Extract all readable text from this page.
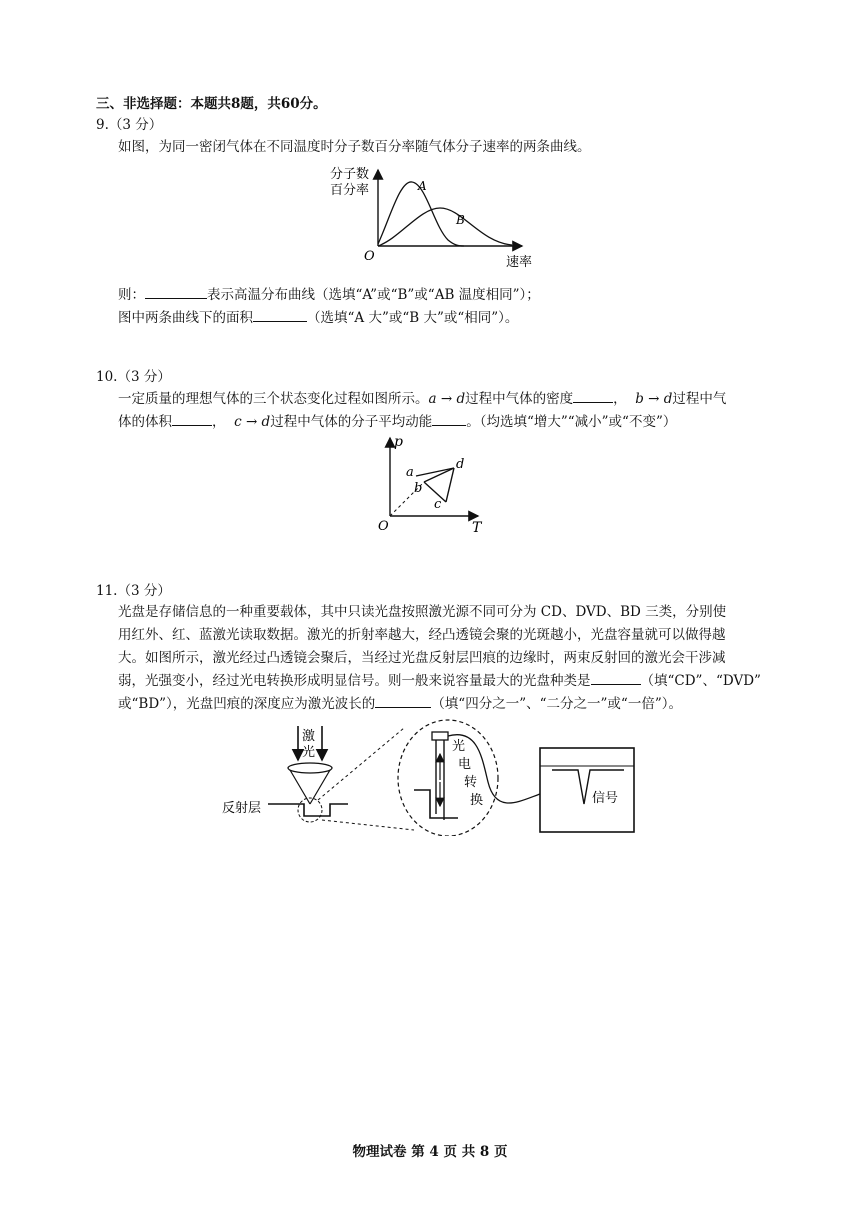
三、非选择题：本题共8题，共60分。
9.（3 分）
如图，为同一密闭气体在不同温度时分子数百分率随气体分子速率的两条曲线。
分子数
百分率
O	速率
A
B
则：	表示高温分布曲线（选填“A”或“B”或“AB 温度相同”）；
图中两条曲线下的面积	（选填“A 大”或“B 大”或“相同”）。
10.（3 分）
一定质量的理想气体的三个状态变化过程如图所示。a → d过程中气体的密度	， b → d过程中气
体的体积	， c → d过程中气体的分子平均动能	。（均选填“增大”“减小”或“不变”）
p
T
O
a
b
c
d
11.（3 分）
光盘是存储信息的一种重要载体，其中只读光盘按照激光源不同可分为 CD、DVD、BD 三类，分别使
用红外、红、蓝激光读取数据。激光的折射率越大，经凸透镜会聚的光斑越小，光盘容量就可以做得越
大。如图所示，激光经过凸透镜会聚后，当经过光盘反射层凹痕的边缘时，两束反射回的激光会干涉减
弱，光强变小，经过光电转换形成明显信号。则一般来说容量最大的光盘种类是	（填“CD”、“DVD”
或“BD”），光盘凹痕的深度应为激光波长的	（填“四分之一”、“二分之一”或“一倍”）。
激
光
反射层
光
电
转
换	信号
物理试卷 第 4 页 共 8 页
